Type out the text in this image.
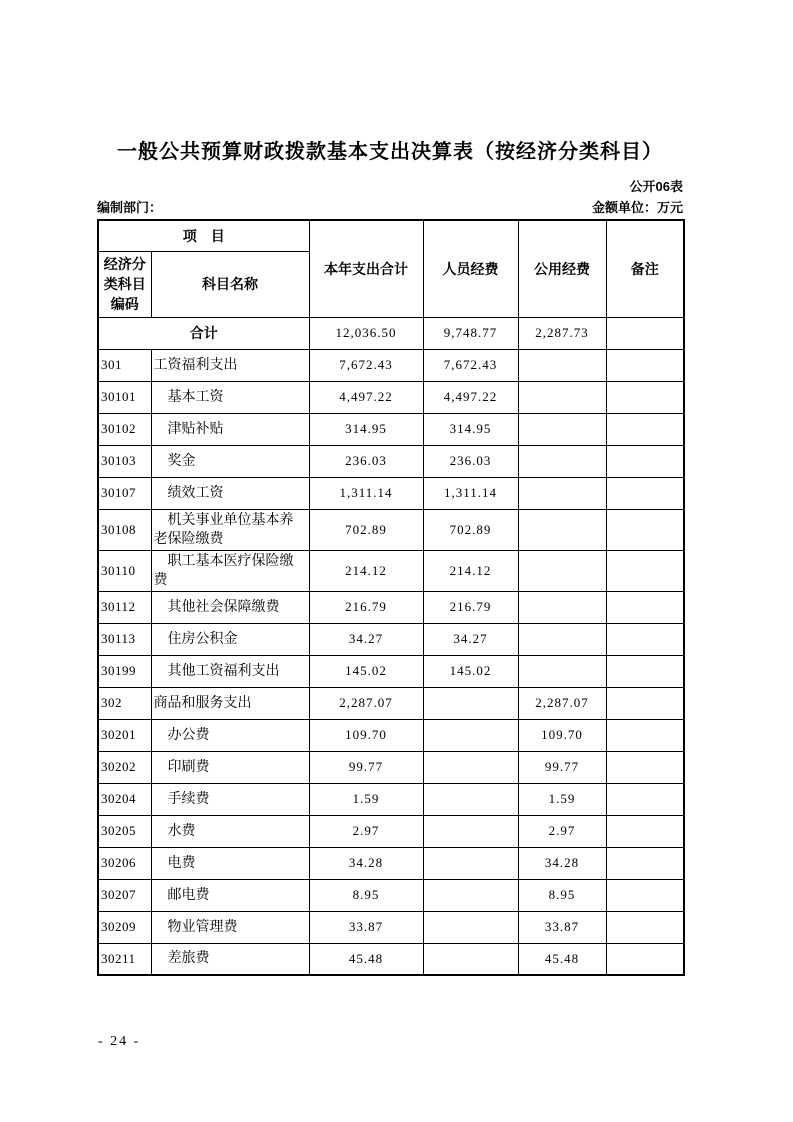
一般公共预算财政拨款基本支出决算表（按经济分类科目）
公开06表
编制部门：	金额单位：万元
项　目		本年支出合计	人员经费	公用经费	备注
经济分类科目编码	科目名称				
合计		12,036.50	9,748.77	2,287.73	
301	工资福利支出	7,672.43	7,672.43		
30101	基本工资	4,497.22	4,497.22		
30102	津贴补贴	314.95	314.95		
30103	奖金	236.03	236.03		
30107	绩效工资	1,311.14	1,311.14		
30108	机关事业单位基本养老保险缴费	702.89	702.89		
30110	职工基本医疗保险缴费	214.12	214.12		
30112	其他社会保障缴费	216.79	216.79		
30113	住房公积金	34.27	34.27		
30199	其他工资福利支出	145.02	145.02		
302	商品和服务支出	2,287.07		2,287.07	
30201	办公费	109.70		109.70	
30202	印刷费	99.77		99.77	
30204	手续费	1.59		1.59	
30205	水费	2.97		2.97	
30206	电费	34.28		34.28	
30207	邮电费	8.95		8.95	
30209	物业管理费	33.87		33.87	
30211	差旅费	45.48		45.48	
- 24 -
